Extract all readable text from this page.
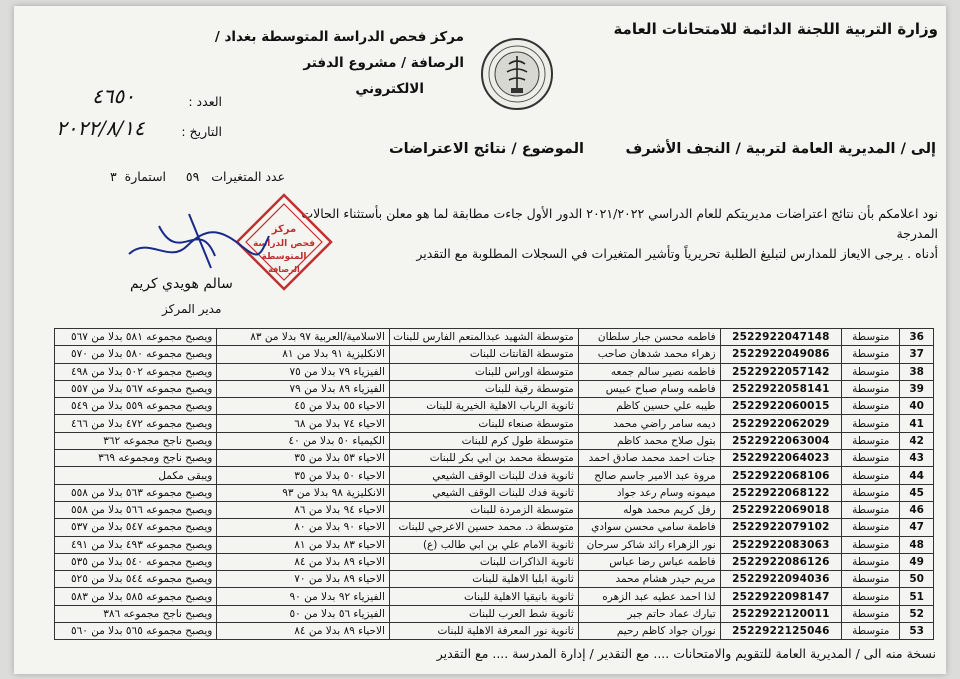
وزارة التربية اللجنة الدائمة للامتحانات العامة
مركز فحص الدراسة المتوسطة بغداد / الرصافة / مشروع الدفتر
الالكتروني
العدد :
٤٦٥٠
التاريخ :
٢٠٢٢/٨/١٤
عدد المتغيرات   ٥٩     استمارة  ٣
إلى / المديرية العامة لتربية / النجف الأشرف
الموضوع / نتائج الاعتراضات
نود اعلامكم بأن نتائج اعتراضات مديريتكم للعام الدراسي ٢٠٢١/٢٠٢٢ الدور الأول جاءت مطابقة لما هو معلن بأستثناء الحالات المدرجة
أدناه . يرجى الايعاز للمدارس لتبليغ الطلبة تحريرياً وتأشير المتغيرات في السجلات المطلوبة مع التقدير
مركز
فحص الدراسة
المتوسطة
الرصافة
سالم هويدي كريم
مدير المركز
36	متوسطة	2522922047148	فاطمه محسن جبار سلطان	متوسطة الشهيد عبدالمنعم الفارس للبنات	الاسلامية/العربية ٩٧ بدلا من ٨٣	ويصبح مجموعه ٥٨١ بدلا من ٥٦٧
37	متوسطة	2522922049086	زهراء محمد شدهان صاحب	متوسطة القانتات للبنات	الانكليزية ٩١ بدلا من ٨١	ويصبح مجموعه ٥٨٠ بدلا من ٥٧٠
38	متوسطة	2522922057142	فاطمه نصير سالم جمعه	متوسطة اوراس للبنات	الفيزياء ٧٩ بدلا من ٧٥	ويصبح مجموعه ٥٠٢ بدلا من ٤٩٨
39	متوسطة	2522922058141	فاطمه وسام صباح عبيس	متوسطة رقية للبنات	الفيزياء ٨٩ بدلا من ٧٩	ويصبح مجموعه ٥٦٧ بدلا من ٥٥٧
40	متوسطة	2522922060015	طيبه علي حسين كاظم	ثانوية الرباب الاهلية الخيرية للبنات	الاحياء ٥٥ بدلا من ٤٥	ويصبح مجموعه ٥٥٩ بدلا من ٥٤٩
41	متوسطة	2522922062029	ديمه سامر راضي محمد	متوسطة صنعاء للبنات	الاحياء ٧٤ بدلا من ٦٨	ويصبح مجموعه ٤٧٢ بدلا من ٤٦٦
42	متوسطة	2522922063004	بتول صلاح محمد كاظم	متوسطة طول كرم للبنات	الكيمياء ٥٠ بدلا من ٤٠	ويصبح ناجح مجموعه ٣٦٢
43	متوسطة	2522922064023	جنات احمد محمد صادق احمد	متوسطة محمد بن ابي بكر للبنات	الاحياء ٥٣ بدلا من ٣٥	ويصبح ناجح ومجموعه ٣٦٩
44	متوسطة	2522922068106	مروة عبد الامير جاسم صالح	ثانوية فدك للبنات الوقف الشيعي	الاحياء ٥٠ بدلا من ٣٥	ويبقى مكمل
45	متوسطة	2522922068122	ميمونه وسام رعد جواد	ثانوية فدك للبنات الوقف الشيعي	الانكليزية ٩٨ بدلا من ٩٣	ويصبح مجموعه ٥٦٣ بدلا من ٥٥٨
46	متوسطة	2522922069018	رفل كريم محمد هوله	متوسطة الزمردة للبنات	الاحياء ٩٤ بدلا من ٨٦	ويصبح مجموعه ٥٦٦ بدلا من ٥٥٨
47	متوسطة	2522922079102	فاطمة سامي محسن سوادي	متوسطة د. محمد حسين الاعرجي للبنات	الاحياء ٩٠ بدلا من ٨٠	ويصبح مجموعه ٥٤٧ بدلا من ٥٣٧
48	متوسطة	2522922083063	نور الزهراء رائد شاكر سرحان	ثانوية الامام علي بن ابي طالب (ع)	الاحياء ٨٣ بدلا من ٨١	ويصبح مجموعه ٤٩٣ بدلا من ٤٩١
49	متوسطة	2522922086126	فاطمه عباس رضا عباس	ثانوية الذاكرات للبنات	الاحياء ٨٩ بدلا من ٨٤	ويصبح مجموعه ٥٤٠ بدلا من ٥٣٥
50	متوسطة	2522922094036	مريم حيدر هشام محمد	ثانوية ابلبا الاهلية للبنات	الاحياء ٨٩ بدلا من ٧٠	ويصبح مجموعه ٥٤٤ بدلا من ٥٢٥
51	متوسطة	2522922098147	لذا احمد عطيه عبد الزهره	ثانوية بانيقيا الاهلية للبنات	الفيزياء ٩٢ بدلا من ٩٠	ويصبح مجموعه ٥٨٥ بدلا من ٥٨٣
52	متوسطة	2522922120011	تبارك عماد حاتم جبر	ثانوية شط العرب للبنات	الفيزياء ٥٦ بدلا من ٥٠	ويصبح ناجح مجموعه ٣٨٦
53	متوسطة	2522922125046	نوران جواد كاظم رحيم	ثانوية نور المعرفة الاهلية للبنات	الاحياء ٨٩ بدلا من ٨٤	ويصبح مجموعه ٥٦٥ بدلا من ٥٦٠
نسخة منه الى / المديرية العامة للتقويم والامتحانات .... مع التقدير / إدارة المدرسة .... مع التقدير
